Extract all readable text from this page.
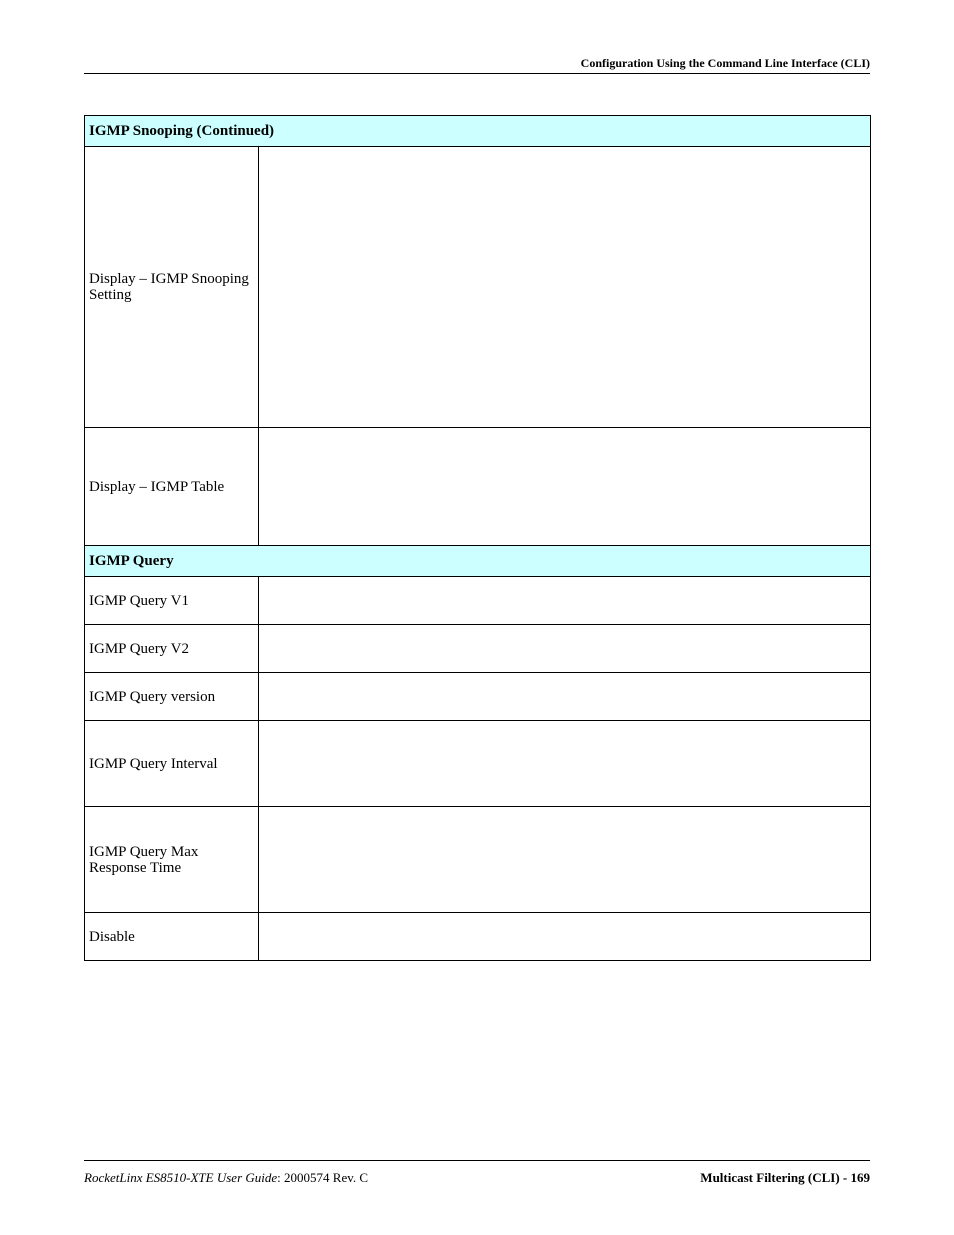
Configuration Using the Command Line Interface (CLI)
IGMP Snooping (Continued)	
Display – IGMP Snooping Setting	
Display – IGMP Table	
IGMP Query	
IGMP Query V1	
IGMP Query V2	
IGMP Query version	
IGMP Query Interval	
IGMP Query Max Response Time	
Disable	
RocketLinx ES8510-XTE User Guide: 2000574 Rev. C	Multicast Filtering (CLI) - 169
